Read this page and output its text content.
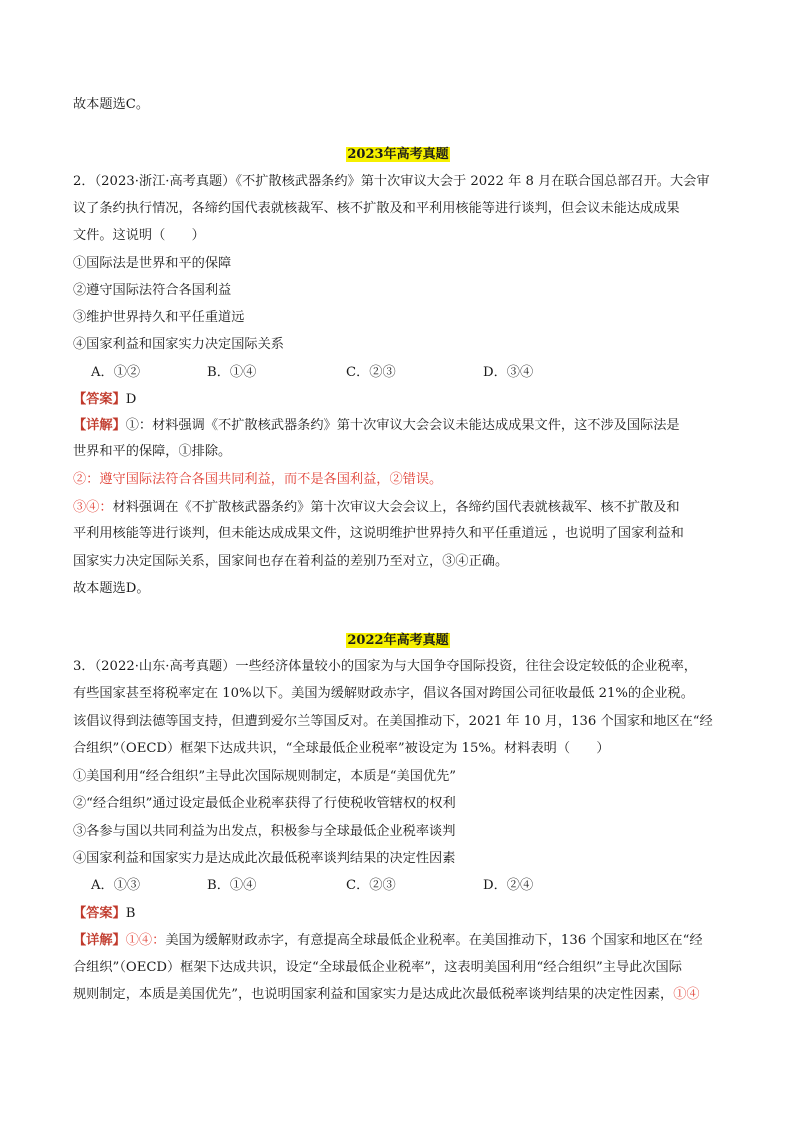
故本题选C。
2023年高考真题
2．（2023·浙江·高考真题）《不扩散核武器条约》第十次审议大会于 2022 年 8 月在联合国总部召开。大会审
议了条约执行情况，各缔约国代表就核裁军、核不扩散及和平利用核能等进行谈判，但会议未能达成成果
文件。这说明（　　）
①国际法是世界和平的保障
②遵守国际法符合各国利益
③维护世界持久和平任重道远
④国家利益和国家实力决定国际关系
A．①②	B．①④	C．②③	D．③④
【答案】D
【详解】①：材料强调《不扩散核武器条约》第十次审议大会会议未能达成成果文件，这不涉及国际法是
世界和平的保障，①排除。
②：遵守国际法符合各国共同利益，而不是各国利益，②错误。
③④：材料强调在《不扩散核武器条约》第十次审议大会会议上，各缔约国代表就核裁军、核不扩散及和
平利用核能等进行谈判，但未能达成成果文件，这说明维护世界持久和平任重道远 ，也说明了国家利益和
国家实力决定国际关系，国家间也存在着利益的差别乃至对立，③④正确。
故本题选D。
2022年高考真题
3．（2022·山东·高考真题）一些经济体量较小的国家为与大国争夺国际投资，往往会设定较低的企业税率，
有些国家甚至将税率定在 10%以下。美国为缓解财政赤字，倡议各国对跨国公司征收最低 21%的企业税。
该倡议得到法德等国支持，但遭到爱尔兰等国反对。在美国推动下，2021 年 10 月，136 个国家和地区在“经
合组织”（OECD）框架下达成共识，“全球最低企业税率”被设定为 15%。材料表明（　　）
①美国利用“经合组织”主导此次国际规则制定，本质是“美国优先”
②“经合组织”通过设定最低企业税率获得了行使税收管辖权的权利
③各参与国以共同利益为出发点，积极参与全球最低企业税率谈判
④国家利益和国家实力是达成此次最低税率谈判结果的决定性因素
A．①③	B．①④	C．②③	D．②④
【答案】B
【详解】①④：美国为缓解财政赤字，有意提高全球最低企业税率。在美国推动下，136 个国家和地区在“经
合组织”（OECD）框架下达成共识，设定“全球最低企业税率”，这表明美国利用“经合组织”主导此次国际
规则制定，本质是美国优先”，也说明国家利益和国家实力是达成此次最低税率谈判结果的决定性因素，①④
